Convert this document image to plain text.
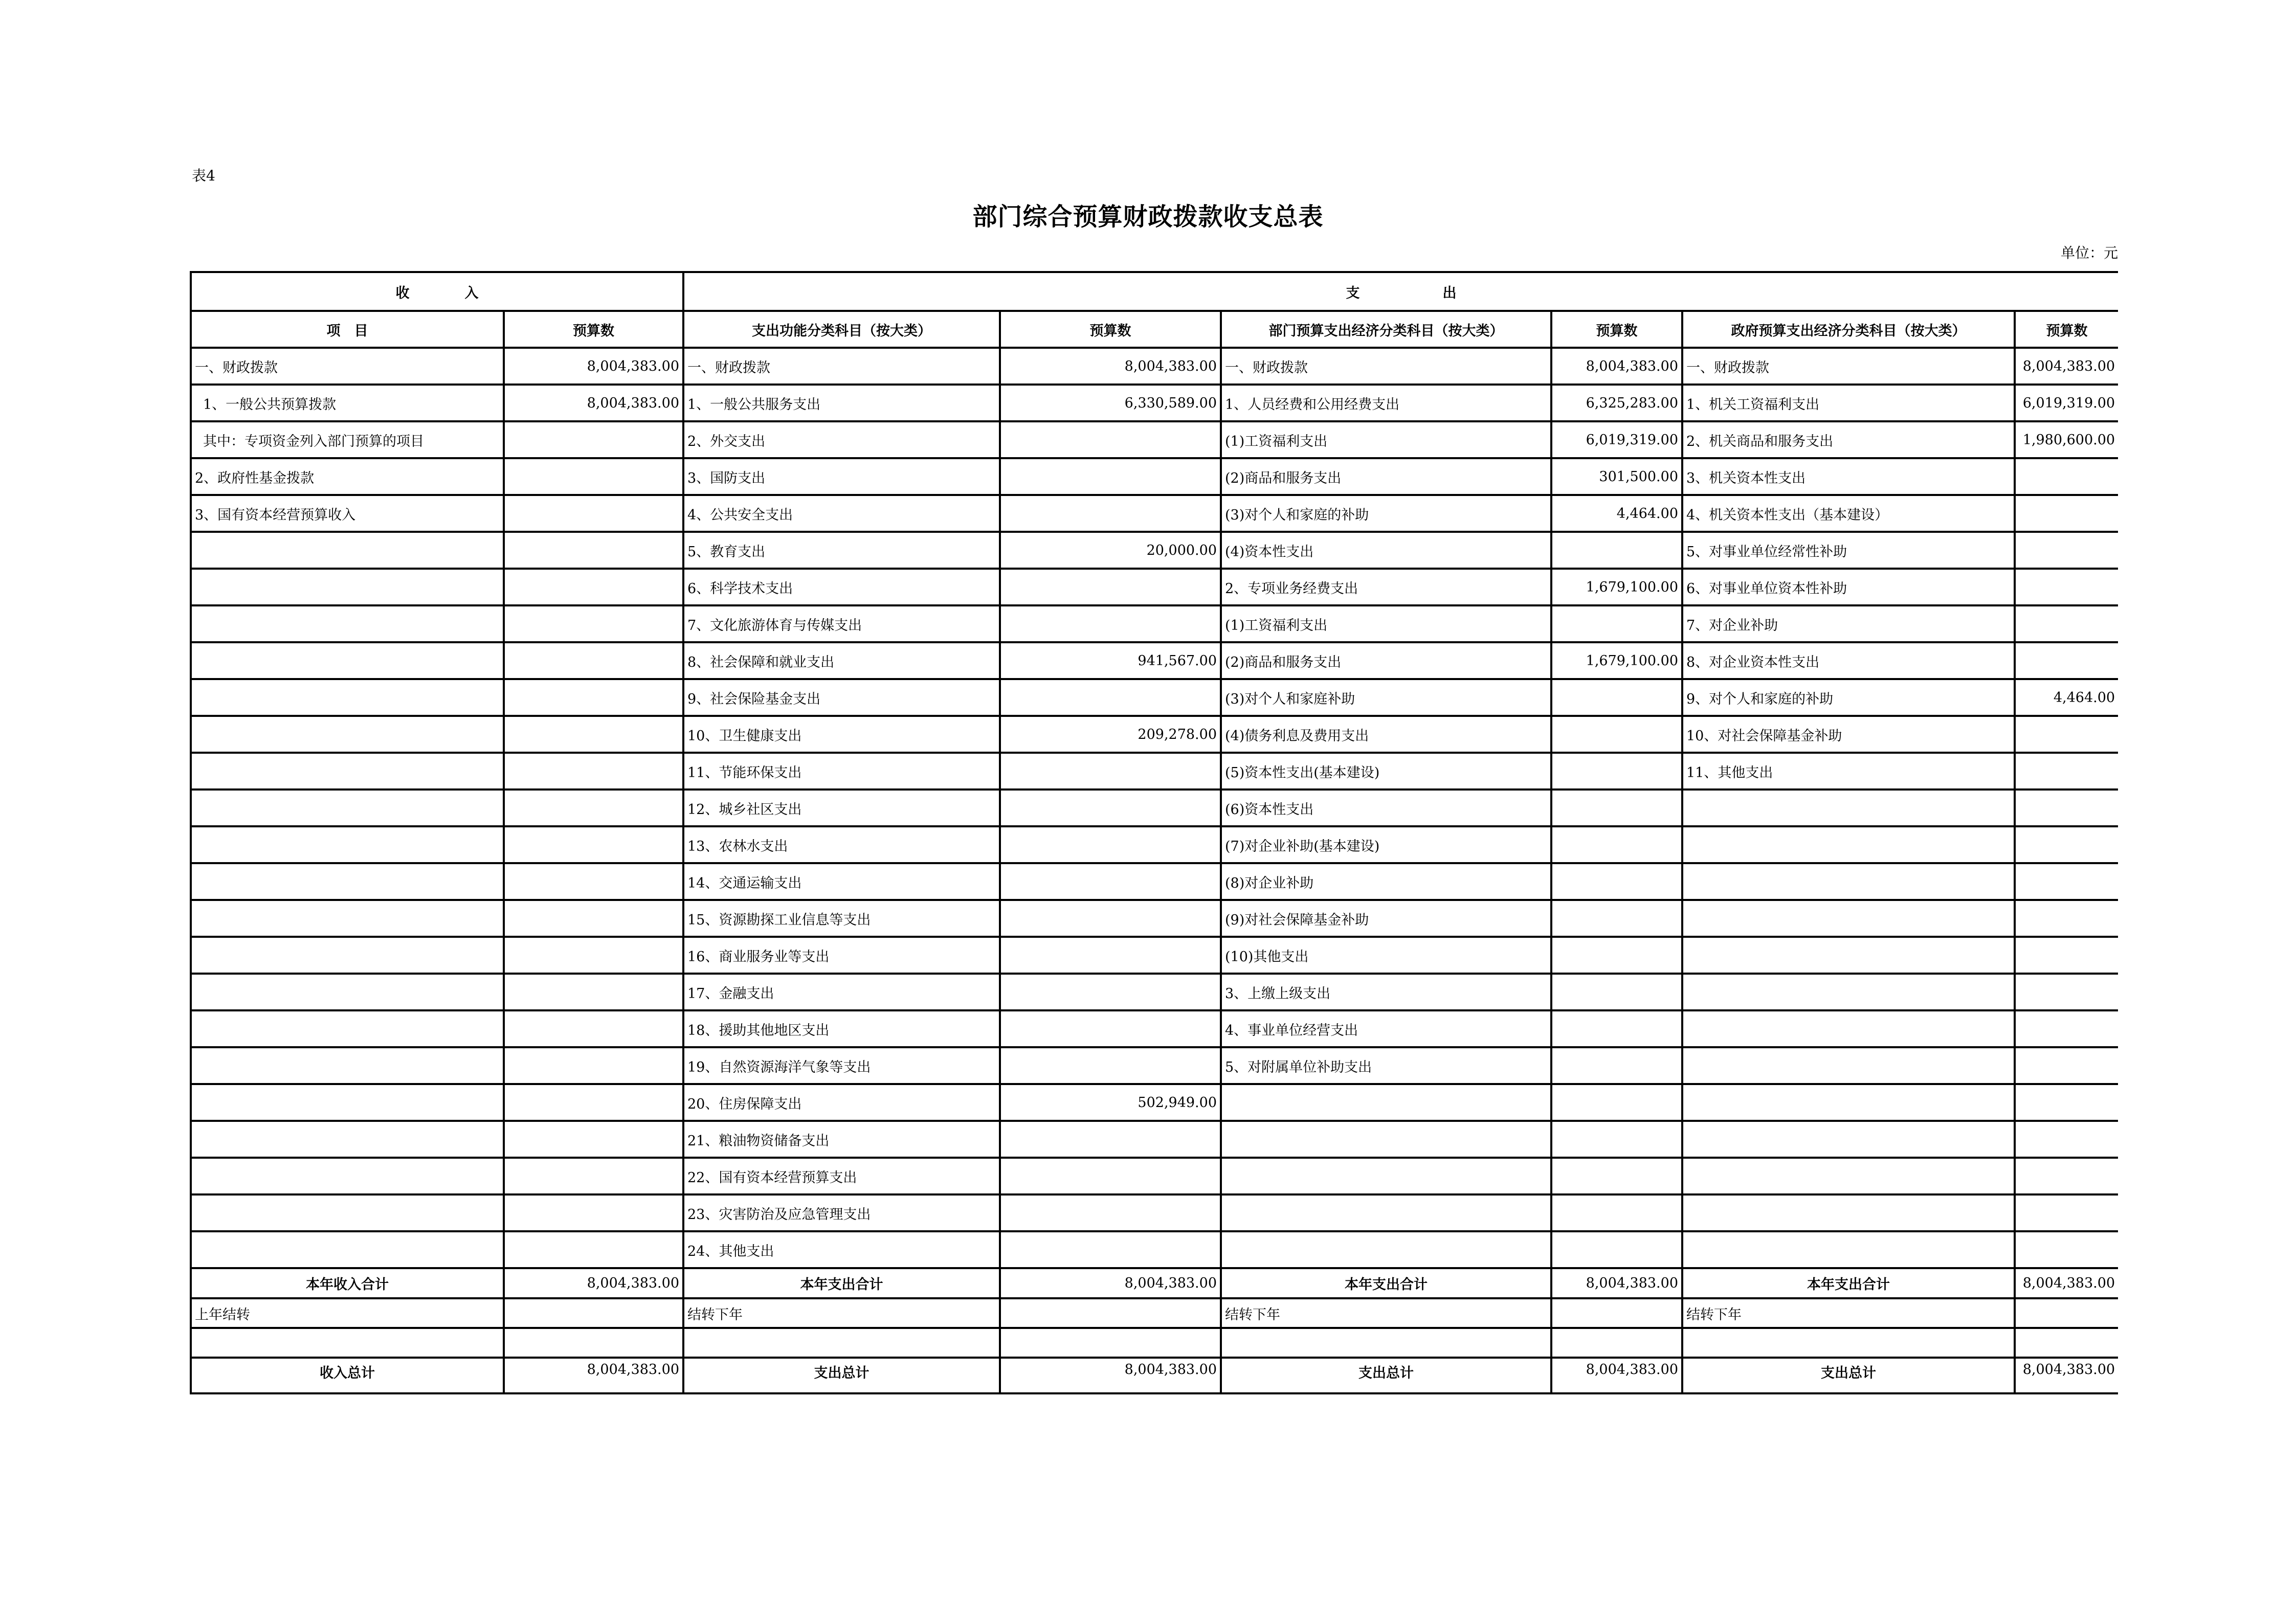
表4
部门综合预算财政拨款收支总表
单位：元
收　　　　入		支　　　　　　出					
项　目	预算数	支出功能分类科目（按大类）	预算数	部门预算支出经济分类科目（按大类）	预算数	政府预算支出经济分类科目（按大类）	预算数
一、财政拨款	8,004,383.00	一、财政拨款	8,004,383.00	一、财政拨款	8,004,383.00	一、财政拨款	8,004,383.00
1、一般公共预算拨款	8,004,383.00	1、一般公共服务支出	6,330,589.00	1、人员经费和公用经费支出	6,325,283.00	1、机关工资福利支出	6,019,319.00
其中：专项资金列入部门预算的项目		2、外交支出		(1)工资福利支出	6,019,319.00	2、机关商品和服务支出	1,980,600.00
2、政府性基金拨款		3、国防支出		(2)商品和服务支出	301,500.00	3、机关资本性支出	
3、国有资本经营预算收入		4、公共安全支出		(3)对个人和家庭的补助	4,464.00	4、机关资本性支出（基本建设）	
		5、教育支出	20,000.00	(4)资本性支出		5、对事业单位经常性补助	
		6、科学技术支出		2、专项业务经费支出	1,679,100.00	6、对事业单位资本性补助	
		7、文化旅游体育与传媒支出		(1)工资福利支出		7、对企业补助	
		8、社会保障和就业支出	941,567.00	(2)商品和服务支出	1,679,100.00	8、对企业资本性支出	
		9、社会保险基金支出		(3)对个人和家庭补助		9、对个人和家庭的补助	4,464.00
		10、卫生健康支出	209,278.00	(4)债务利息及费用支出		10、对社会保障基金补助	
		11、节能环保支出		(5)资本性支出(基本建设)		11、其他支出	
		12、城乡社区支出		(6)资本性支出			
		13、农林水支出		(7)对企业补助(基本建设)			
		14、交通运输支出		(8)对企业补助			
		15、资源勘探工业信息等支出		(9)对社会保障基金补助			
		16、商业服务业等支出		(10)其他支出			
		17、金融支出		3、上缴上级支出			
		18、援助其他地区支出		4、事业单位经营支出			
		19、自然资源海洋气象等支出		5、对附属单位补助支出			
		20、住房保障支出	502,949.00				
		21、粮油物资储备支出					
		22、国有资本经营预算支出					
		23、灾害防治及应急管理支出					
		24、其他支出					
本年收入合计	8,004,383.00	本年支出合计	8,004,383.00	本年支出合计	8,004,383.00	本年支出合计	8,004,383.00
上年结转		结转下年		结转下年		结转下年	

收入总计	8,004,383.00	支出总计	8,004,383.00	支出总计	8,004,383.00	支出总计	8,004,383.00
